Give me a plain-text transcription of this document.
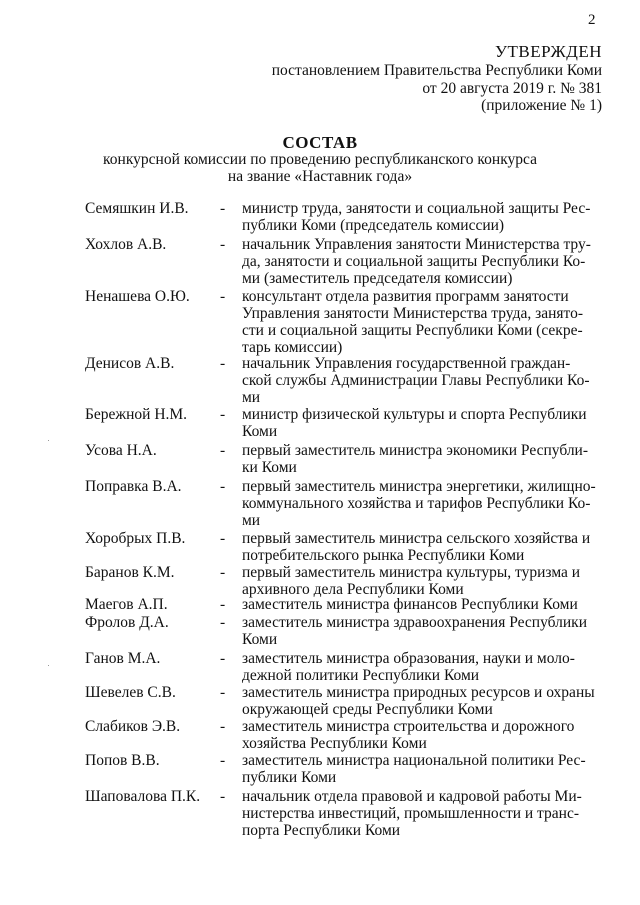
2
УТВЕРЖДЕН
постановлением Правительства Республики Коми
от 20 августа 2019 г. № 381
(приложение № 1)
СОСТАВ
конкурсной комиссии по проведению республиканского конкурса
на звание «Наставник года»
Семяшкин И.В. - министр труда, занятости и социальной защиты Рес-
публики Коми (председатель комиссии)
Хохлов А.В.	- начальник Управления занятости Министерства тру-
да, занятости и социальной защиты Республики Ко-
ми (заместитель председателя комиссии)
Ненашева О.Ю. - консультант отдела развития программ занятости
Управления занятости Министерства труда, занято-
сти и социальной защиты Республики Коми (секре-
тарь комиссии)
Денисов А.В.	- начальник Управления государственной граждан-
ской службы Администрации Главы Республики Ко-
ми
Бережной Н.М. - министр физической культуры и спорта Республики
Коми
Усова Н.А.	- первый заместитель министра экономики Республи-
ки Коми
Поправка В.А. - первый заместитель министра энергетики, жилищно-
коммунального хозяйства и тарифов Республики Ко-
ми
Хоробрых П.В. - первый заместитель министра сельского хозяйства и
потребительского рынка Республики Коми
Баранов К.М.	- первый заместитель министра культуры, туризма и
архивного дела Республики Коми
Маегов А.П.	- заместитель министра финансов Республики Коми
Фролов Д.А.	- заместитель министра здравоохранения Республики
Коми
Ганов М.А.	- заместитель министра образования, науки и моло-
дежной политики Республики Коми
Шевелев С.В.	- заместитель министра природных ресурсов и охраны
окружающей среды Республики Коми
Слабиков Э.В.	- заместитель министра строительства и дорожного
хозяйства Республики Коми
Попов В.В.	- заместитель министра национальной политики Рес-
публики Коми
Шаповалова П.К. - начальник отдела правовой и кадровой работы Ми-
нистерства инвестиций, промышленности и транс-
порта Республики Коми
